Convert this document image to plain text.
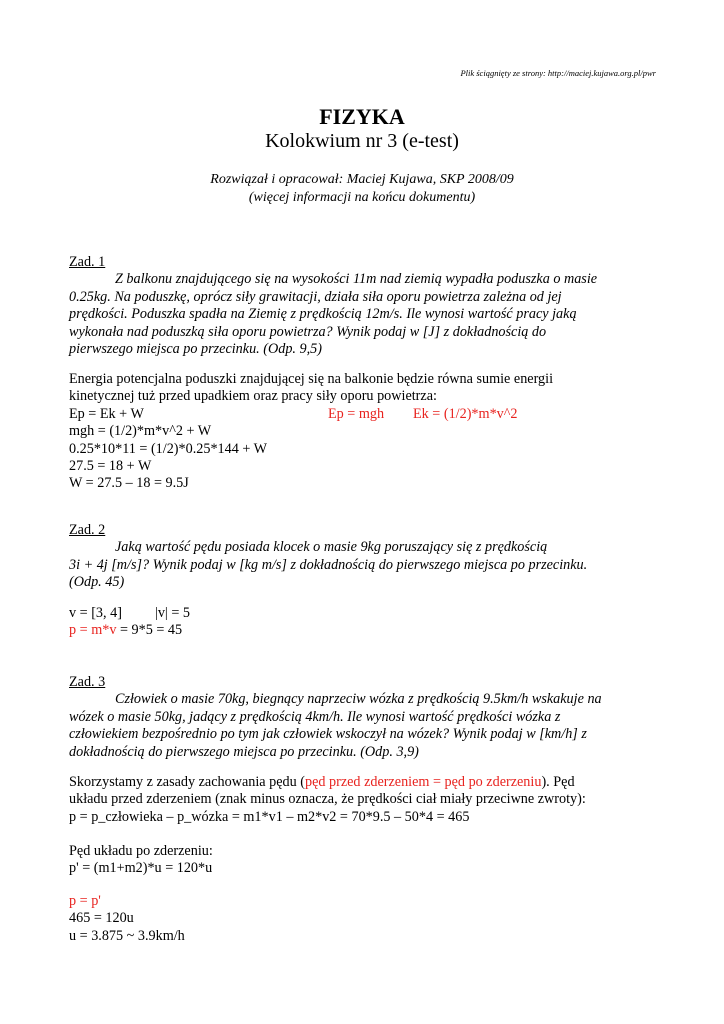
Plik ściągnięty ze strony: http://maciej.kujawa.org.pl/pwr
FIZYKA
Kolokwium nr 3 (e-test)
Rozwiązał i opracował: Maciej Kujawa, SKP 2008/09
(więcej informacji na końcu dokumentu)
Zad. 1
Z balkonu znajdującego się na wysokości 11m nad ziemią wypadła poduszka o masie
0.25kg. Na poduszkę, oprócz siły grawitacji, działa siła oporu powietrza zależna od jej
prędkości. Poduszka spadła na Ziemię z prędkością 12m/s. Ile wynosi wartość pracy jaką
wykonała nad poduszką siła oporu powietrza? Wynik podaj w [J] z dokładnością do
pierwszego miejsca po przecinku. (Odp. 9,5)
Energia potencjalna poduszki znajdującej się na balkonie będzie równa sumie energii
kinetycznej tuż przed upadkiem oraz pracy siły oporu powietrza:
Ep = Ek + W	Ep = mgh Ek = (1/2)*m*v^2
mgh = (1/2)*m*v^2 + W
0.25*10*11 = (1/2)*0.25*144 + W
27.5 = 18 + W
W = 27.5 – 18 = 9.5J
Zad. 2
Jaką wartość pędu posiada klocek o masie 9kg poruszający się z prędkością
3i + 4j [m/s]? Wynik podaj w [kg m/s] z dokładnością do pierwszego miejsca po przecinku.
(Odp. 45)
v = [3, 4] |v| = 5
p = m*v = 9*5 = 45
Zad. 3
Człowiek o masie 70kg, biegnący naprzeciw wózka z prędkością 9.5km/h wskakuje na
wózek o masie 50kg, jadący z prędkością 4km/h. Ile wynosi wartość prędkości wózka z
człowiekiem bezpośrednio po tym jak człowiek wskoczył na wózek? Wynik podaj w [km/h] z
dokładnością do pierwszego miejsca po przecinku. (Odp. 3,9)
Skorzystamy z zasady zachowania pędu (pęd przed zderzeniem = pęd po zderzeniu). Pęd
układu przed zderzeniem (znak minus oznacza, że prędkości ciał miały przeciwne zwroty):
p = p_człowieka – p_wózka = m1*v1 – m2*v2 = 70*9.5 – 50*4 = 465
Pęd układu po zderzeniu:
p' = (m1+m2)*u = 120*u
p = p'
465 = 120u
u = 3.875 ~ 3.9km/h
